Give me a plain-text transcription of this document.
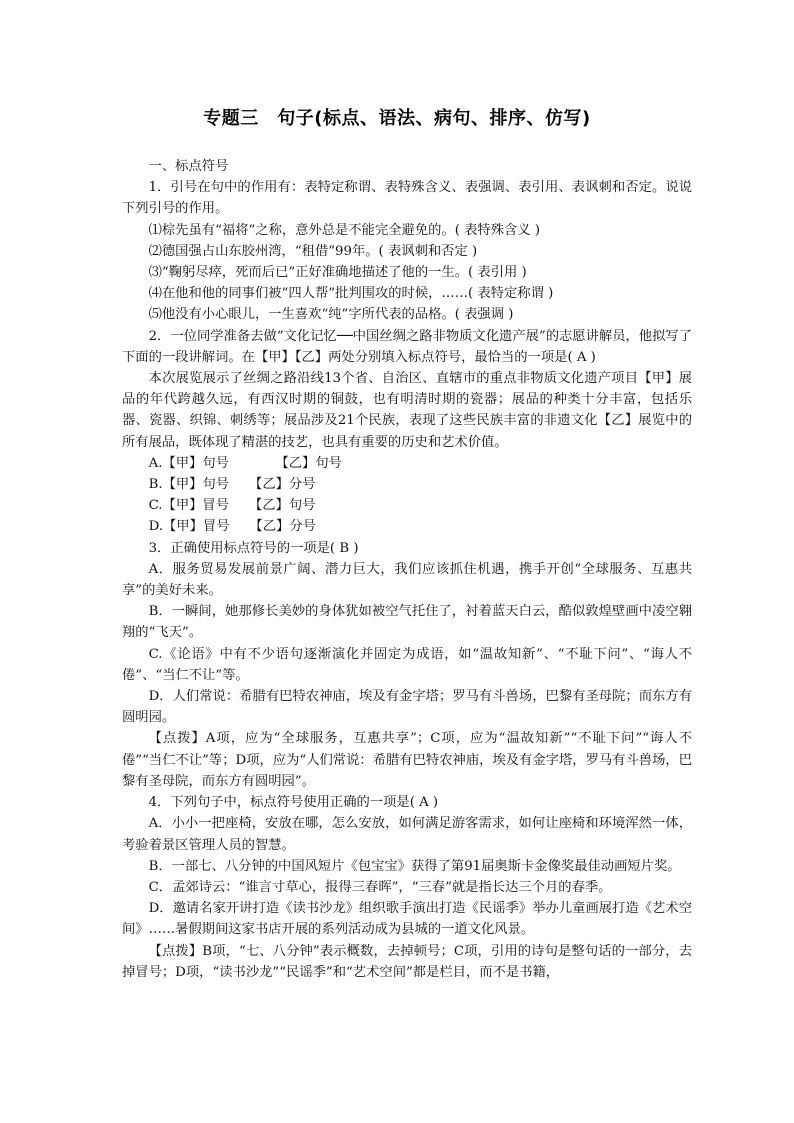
专题三　句子(标点、语法、病句、排序、仿写)

一、标点符号

1．引号在句中的作用有：表特定称谓、表特殊含义、表强调、表引用、表讽刺和否定。说说下列引号的作用。

⑴棕先虽有“福将”之称，意外总是不能完全避免的。( 表特殊含义 )

⑵德国强占山东胶州湾，“租借”99年。( 表讽刺和否定 )

⑶“鞠躬尽瘁，死而后已”正好准确地描述了他的一生。( 表引用 )

⑷在他和他的同事们被“四人帮”批判围攻的时候，……( 表特定称谓 )

⑸他没有小心眼儿，一生喜欢“纯”字所代表的品格。( 表强调 )

2．一位同学准备去做“文化记忆──中国丝绸之路非物质文化遗产展”的志愿讲解员，他拟写了下面的一段讲解词。在【甲】【乙】两处分别填入标点符号，最恰当的一项是( A )

本次展览展示了丝绸之路沿线13个省、自治区、直辖市的重点非物质文化遗产项目【甲】展品的年代跨越久远，有西汉时期的铜鼓，也有明清时期的瓷器；展品的种类十分丰富，包括乐器、瓷器、织锦、刺绣等；展品涉及21个民族，表现了这些民族丰富的非遗文化【乙】展览中的所有展品，既体现了精湛的技艺，也具有重要的历史和艺术价值。

A.【甲】句号　　　　【乙】句号

B.【甲】句号　　【乙】分号

C.【甲】冒号　　【乙】句号

D.【甲】冒号　　【乙】分号

3．正确使用标点符号的一项是( B )

A．服务贸易发展前景广阔、潜力巨大，我们应该抓住机遇，携手开创“全球服务、互惠共享”的美好未来。

B．一瞬间，她那修长美妙的身体犹如被空气托住了，衬着蓝天白云，酷似敦煌壁画中凌空翱翔的“飞天”。

C.《论语》中有不少语句逐渐演化并固定为成语，如“温故知新”、“不耻下问”、“诲人不倦”、“当仁不让”等。

D．人们常说：希腊有巴特农神庙，埃及有金字塔；罗马有斗兽场，巴黎有圣母院；而东方有圆明园。

【点拨】A项，应为“全球服务，互惠共享”；C项，应为“温故知新”“不耻下问”“诲人不倦”“当仁不让”等；D项，应为“人们常说：希腊有巴特农神庙，埃及有金字塔，罗马有斗兽场，巴黎有圣母院，而东方有圆明园”。

4．下列句子中，标点符号使用正确的一项是( A )

A．小小一把座椅，安放在哪，怎么安放，如何满足游客需求，如何让座椅和环境浑然一体，考验着景区管理人员的智慧。

B．一部七、八分钟的中国风短片《包宝宝》获得了第91届奥斯卡金像奖最佳动画短片奖。

C．孟郊诗云：“谁言寸草心，报得三春晖”，“三春”就是指长达三个月的春季。

D．邀请名家开讲打造《读书沙龙》组织歌手演出打造《民谣季》举办儿童画展打造《艺术空间》……暑假期间这家书店开展的系列活动成为县城的一道文化风景。

【点拨】B项，“七、八分钟”表示概数，去掉顿号；C项，引用的诗句是整句话的一部分，去掉冒号；D项，“读书沙龙”“民谣季”和“艺术空间”都是栏目，而不是书籍，
